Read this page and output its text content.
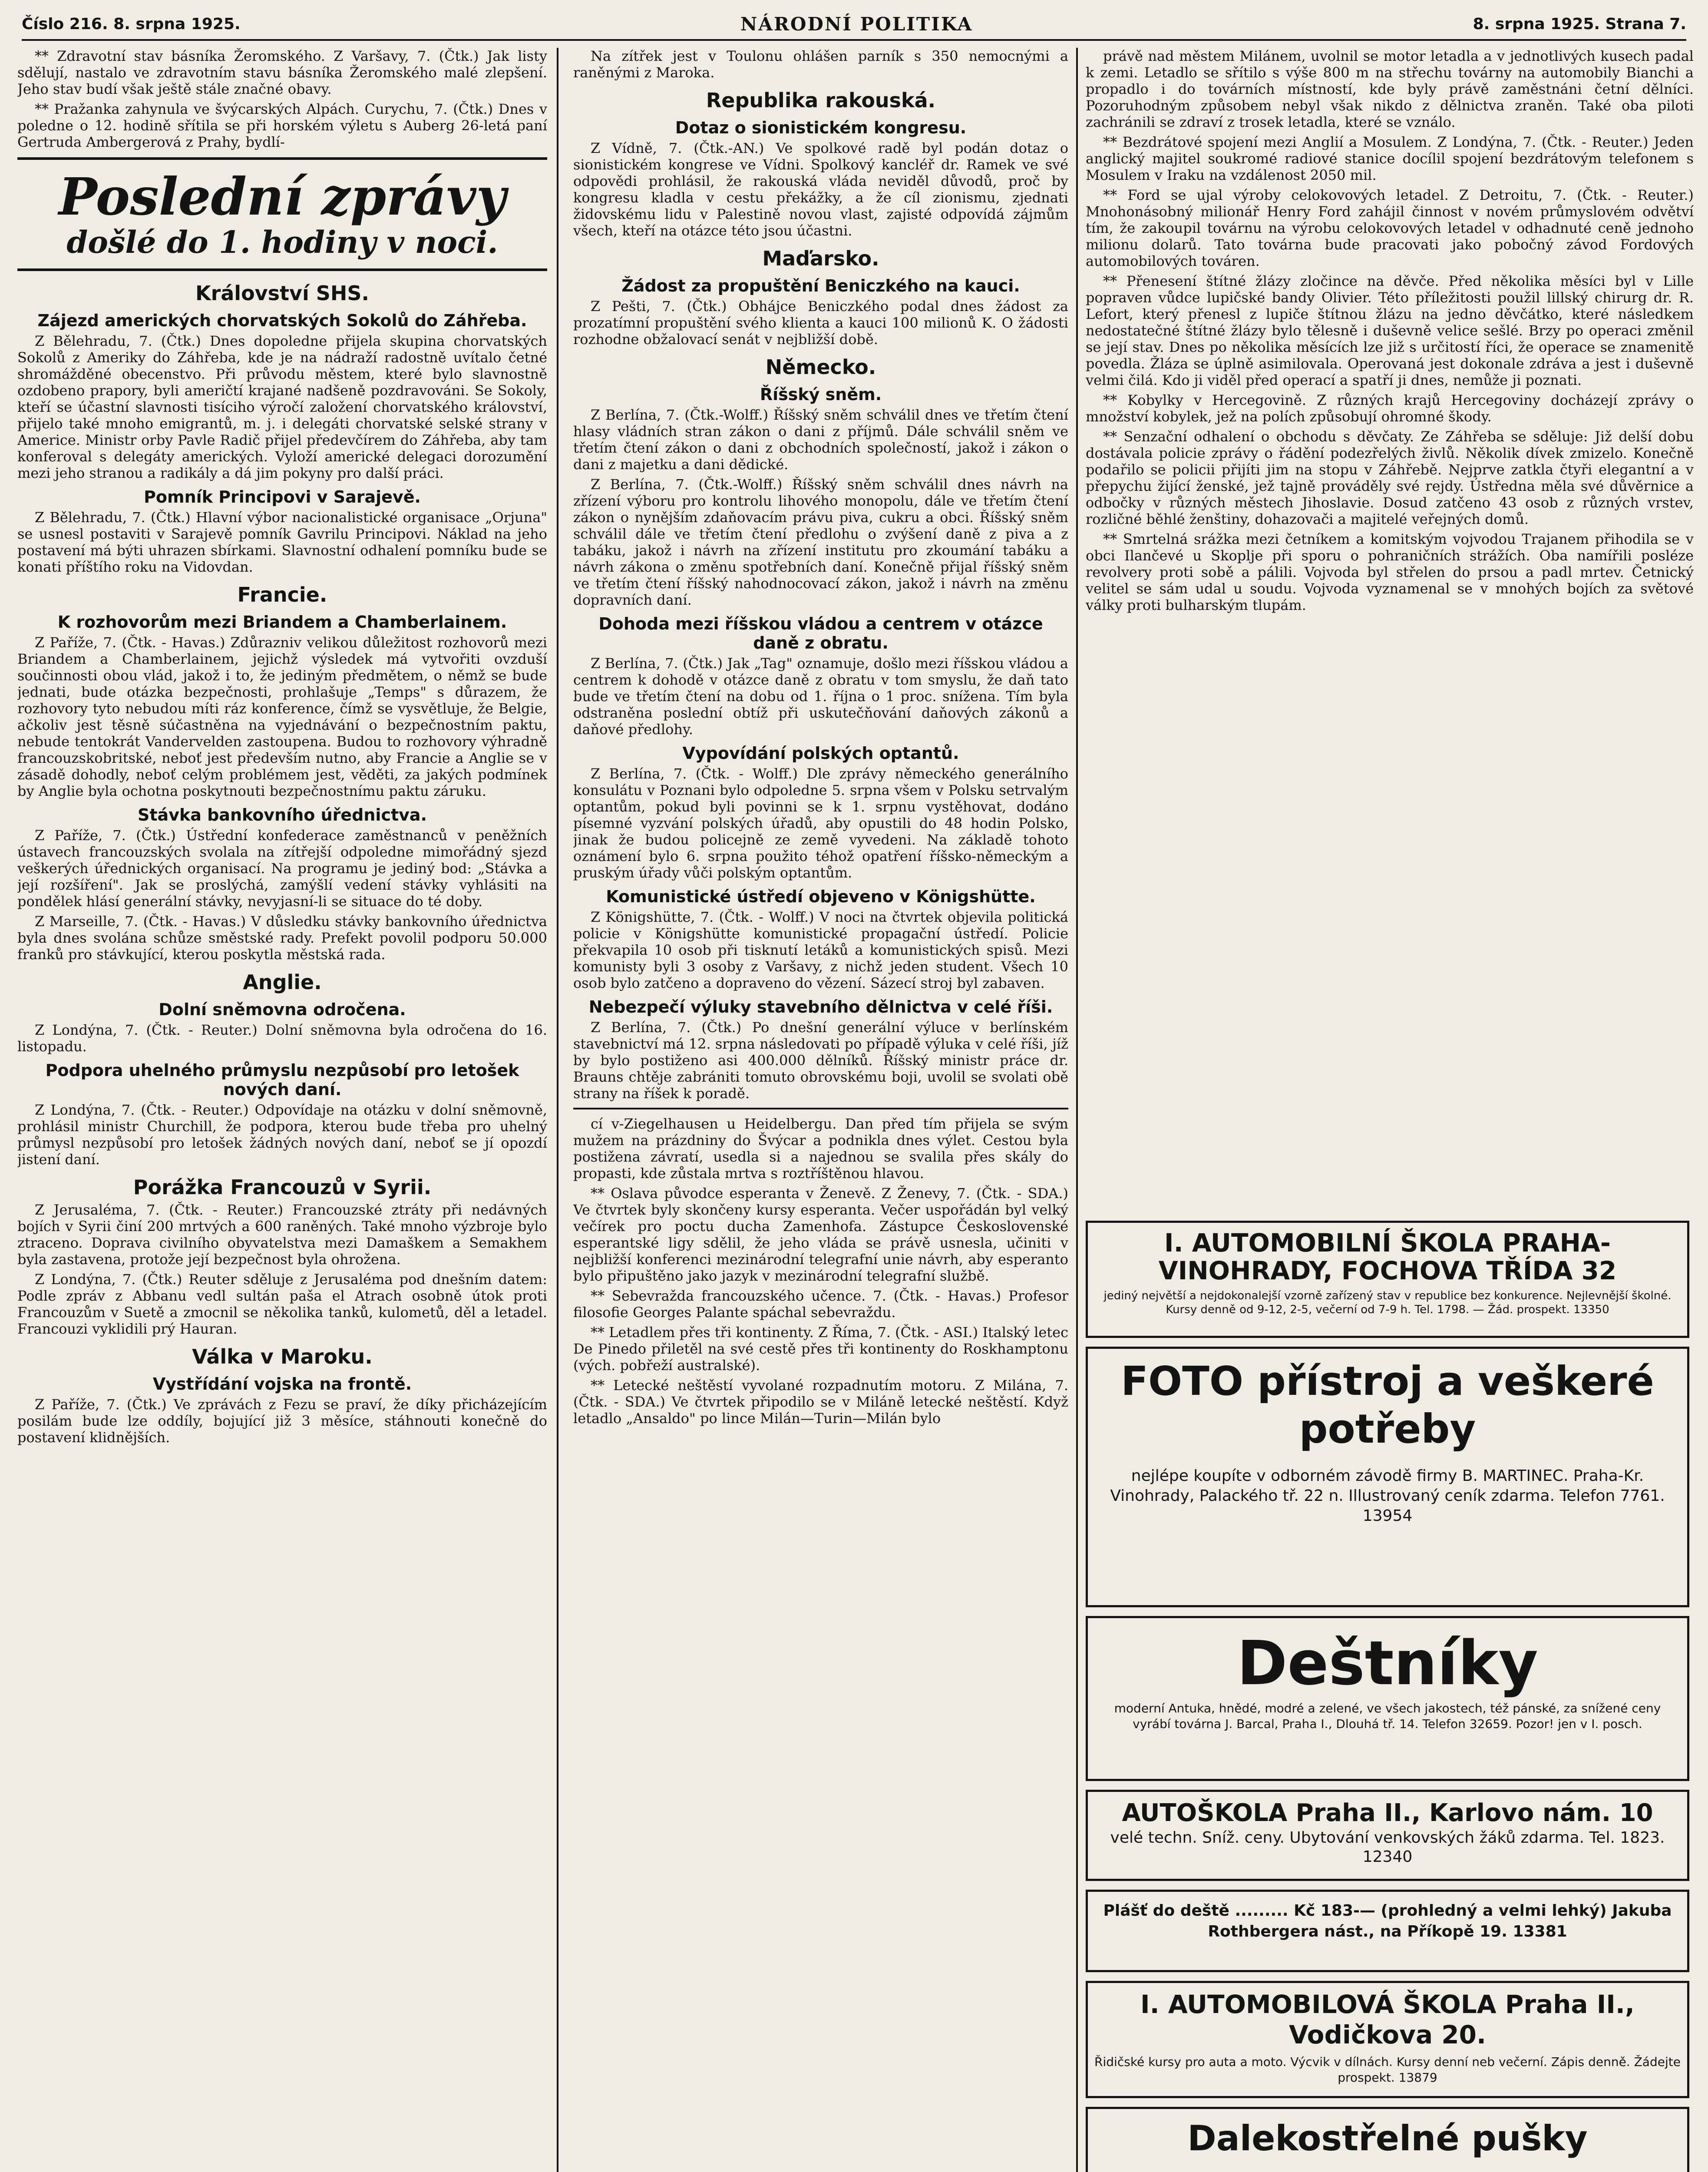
Číslo 216. 8. srpna 1925.	NÁRODNÍ POLITIKA	8. srpna 1925. Strana 7.

** Zdravotní stav básníka Žeromského. Z Varšavy, 7. (Čtk.) Jak listy sdělují, nastalo ve zdravotním stavu básníka Žeromského malé zlepšení. Jeho stav budí však ještě stále značné obavy.

** Pražanka zahynula ve švýcarských Alpách. Curychu, 7. (Čtk.) Dnes v poledne o 12. hodině sřítila se při horském výletu s Auberg 26-letá paní Gertruda Ambergerová z Prahy, bydlí-

Poslední zprávy
došlé do 1. hodiny v noci.
Království SHS.
Zájezd amerických chorvatských Sokolů do Záhřeba.

Z Bělehradu, 7. (Čtk.) Dnes dopoledne přijela skupina chorvatských Sokolů z Ameriky do Záhřeba, kde je na nádraží radostně uvítalo četné shromážděné obecenstvo. Při průvodu městem, které bylo slavnostně ozdobeno prapory, byli američtí krajané nadšeně pozdravováni. Se Sokoly, kteří se účastní slavnosti tisíciho výročí založení chorvatského království, přijelo také mnoho emigrantů, m. j. i delegáti chorvatské selské strany v Americe. Ministr orby Pavle Radič přijel předevčírem do Záhřeba, aby tam konferoval s delegáty amerických. Vyloží americké delegaci dorozumění mezi jeho stranou a radikály a dá jim pokyny pro další práci.

Pomník Principovi v Sarajevě.

Z Bělehradu, 7. (Čtk.) Hlavní výbor nacionalistické organisace „Orjuna" se usnesl postaviti v Sarajevě pomník Gavrilu Principovi. Náklad na jeho postavení má býti uhrazen sbírkami. Slavnostní odhalení pomníku bude se konati příštího roku na Vidovdan.

Francie.
K rozhovorům mezi Briandem a Chamberlainem.

Z Paříže, 7. (Čtk. - Havas.) Zdůrazniv velikou důležitost rozhovorů mezi Briandem a Chamberlainem, jejichž výsledek má vytvořiti ovzduší součinnosti obou vlád, jakož i to, že jediným předmětem, o němž se bude jednati, bude otázka bezpečnosti, prohlašuje „Temps" s důrazem, že rozhovory tyto nebudou míti ráz konference, čímž se vysvětluje, že Belgie, ačkoliv jest těsně súčastněna na vyjednávání o bezpečnostním paktu, nebude tentokrát Vandervelden zastoupena. Budou to rozhovory výhradně francouzskobritské, neboť jest především nutno, aby Francie a Anglie se v zásadě dohodly, neboť celým problémem jest, věděti, za jakých podmínek by Anglie byla ochotna poskytnouti bezpečnostnímu paktu záruku.

Stávka bankovního úřednictva.

Z Paříže, 7. (Čtk.) Ústřední konfederace zaměstnanců v peněžních ústavech francouzských svolala na zítřejší odpoledne mimořádný sjezd veškerých úřednických organisací. Na programu je jediný bod: „Stávka a její rozšíření". Jak se proslýchá, zamýšlí vedení stávky vyhlásiti na pondělek hlásí generální stávky, nevyjasní-li se situace do té doby.

Z Marseille, 7. (Čtk. - Havas.) V důsledku stávky bankovního úřednictva byla dnes svolána schůze směstské rady. Prefekt povolil podporu 50.000 franků pro stávkující, kterou poskytla městská rada.

Anglie.
Dolní sněmovna odročena.

Z Londýna, 7. (Čtk. - Reuter.) Dolní sněmovna byla odročena do 16. listopadu.

Podpora uhelného průmyslu nezpůsobí pro letošek nových daní.

Z Londýna, 7. (Čtk. - Reuter.) Odpovídaje na otázku v dolní sněmovně, prohlásil ministr Churchill, že podpora, kterou bude třeba pro uhelný průmysl nezpůsobí pro letošek žádných nových daní, neboť se jí opozdí jistení daní.

Porážka Francouzů v Syrii.

Z Jerusaléma, 7. (Čtk. - Reuter.) Francouzské ztráty při nedávných bojích v Syrii činí 200 mrtvých a 600 raněných. Také mnoho výzbroje bylo ztraceno. Doprava civilního obyvatelstva mezi Damaškem a Semakhem byla zastavena, protože její bezpečnost byla ohrožena.

Z Londýna, 7. (Čtk.) Reuter sděluje z Jerusaléma pod dnešním datem: Podle zpráv z Abbanu vedl sultán paša el Atrach osobně útok proti Francouzům v Suetě a zmocnil se několika tanků, kulometů, děl a letadel. Francouzi vyklidili prý Hauran.

Válka v Maroku.
Vystřídání vojska na frontě.

Z Paříže, 7. (Čtk.) Ve zprávách z Fezu se praví, že díky přicházejícím posilám bude lze oddíly, bojující již 3 měsíce, stáhnouti konečně do postavení klidnějších.

Na zítřek jest v Toulonu ohlášen parník s 350 nemocnými a raněnými z Maroka.

Republika rakouská.
Dotaz o sionistickém kongresu.

Z Vídně, 7. (Čtk.-AN.) Ve spolkové radě byl podán dotaz o sionistickém kongrese ve Vídni. Spolkový kancléř dr. Ramek ve své odpovědi prohlásil, že rakouská vláda neviděl důvodů, proč by kongresu kladla v cestu překážky, a že cíl zionismu, zjednati židovskému lidu v Palestině novou vlast, zajisté odpovídá zájmům všech, kteří na otázce této jsou účastni.

Maďarsko.
Žádost za propuštění Beniczkého na kauci.

Z Pešti, 7. (Čtk.) Obhájce Beniczkého podal dnes žádost za prozatímní propuštění svého klienta a kauci 100 milionů K. O žádosti rozhodne obžalovací senát v nejbližší době.

Německo.
Říšský sněm.

Z Berlína, 7. (Čtk.-Wolff.) Říšský sněm schválil dnes ve třetím čtení hlasy vládních stran zákon o dani z příjmů. Dále schválil sněm ve třetím čtení zákon o dani z obchodních společností, jakož i zákon o dani z majetku a dani dědické.

Z Berlína, 7. (Čtk.-Wolff.) Říšský sněm schválil dnes návrh na zřízení výboru pro kontrolu lihového monopolu, dále ve třetím čtení zákon o nynějším zdaňovacím právu piva, cukru a obci. Říšský sněm schválil dále ve třetím čtení předlohu o zvýšení daně z piva a z tabáku, jakož i návrh na zřízení institutu pro zkoumání tabáku a návrh zákona o změnu spotřebních daní. Konečně přijal říšský sněm ve třetím čtení říšský nahodnocovací zákon, jakož i návrh na změnu dopravních daní.

Dohoda mezi říšskou vládou a centrem v otázce daně z obratu.

Z Berlína, 7. (Čtk.) Jak „Tag" oznamuje, došlo mezi říšskou vládou a centrem k dohodě v otázce daně z obratu v tom smyslu, že daň tato bude ve třetím čtení na dobu od 1. října o 1 proc. snížena. Tím byla odstraněna poslední obtíž při uskutečňování daňových zákonů a daňové předlohy.

Vypovídání polských optantů.

Z Berlína, 7. (Čtk. - Wolff.) Dle zprávy německého generálního konsulátu v Poznani bylo odpoledne 5. srpna všem v Polsku setrvalým optantům, pokud byli povinni se k 1. srpnu vystěhovat, dodáno písemné vyzvání polských úřadů, aby opustili do 48 hodin Polsko, jinak že budou policejně ze země vyvedeni. Na základě tohoto oznámení bylo 6. srpna použito téhož opatření říšsko-německým a pruským úřady vůči polským optantům.

Komunistické ústředí objeveno v Königshütte.

Z Königshütte, 7. (Čtk. - Wolff.) V noci na čtvrtek objevila politická policie v Königshütte komunistické propagační ústředí. Policie překvapila 10 osob při tisknutí letáků a komunistických spisů. Mezi komunisty byli 3 osoby z Varšavy, z nichž jeden student. Všech 10 osob bylo zatčeno a dopraveno do vězení. Sázecí stroj byl zabaven.

Nebezpečí výluky stavebního dělnictva v celé říši.

Z Berlína, 7. (Čtk.) Po dnešní generální výluce v berlínském stavebnictví má 12. srpna následovati po případě výluka v celé říši, jíž by bylo postiženo asi 400.000 dělníků. Říšský ministr práce dr. Brauns chtěje zabrániti tomuto obrovskému boji, uvolil se svolati obě strany na říšek k poradě.

cí v-Ziegelhausen u Heidelbergu. Dan před tím přijela se svým mužem na prázdniny do Švýcar a podnikla dnes výlet. Cestou byla postižena závratí, usedla si a najednou se svalila přes skály do propasti, kde zůstala mrtva s roztříštěnou hlavou.

** Oslava původce esperanta v Ženevě. Z Ženevy, 7. (Čtk. - SDA.) Ve čtvrtek byly skončeny kursy esperanta. Večer uspořádán byl velký večírek pro poctu ducha Zamenhofa. Zástupce Československé esperantské ligy sdělil, že jeho vláda se právě usnesla, učiniti v nejbližší konferenci mezinárodní telegrafní unie návrh, aby esperanto bylo připuštěno jako jazyk v mezinárodní telegrafní službě.

** Sebevražda francouzského učence. 7. (Čtk. - Havas.) Profesor filosofie Georges Palante spáchal sebevraždu.

** Letadlem přes tři kontinenty. Z Říma, 7. (Čtk. - ASI.) Italský letec De Pinedo přiletěl na své cestě přes tři kontinenty do Roskhamptonu (vých. pobřeží australské).

** Letecké neštěstí vyvolané rozpadnutím motoru. Z Milána, 7. (Čtk. - SDA.) Ve čtvrtek připodilo se v Miláně letecké neštěstí. Když letadlo „Ansaldo" po lince Milán—Turin—Milán bylo

právě nad městem Milánem, uvolnil se motor letadla a v jednotlivých kusech padal k zemi. Letadlo se sřítilo s výše 800 m na střechu továrny na automobily Bianchi a propadlo i do továrních místností, kde byly právě zaměstnáni četní dělníci. Pozoruhodným způsobem nebyl však nikdo z dělnictva zraněn. Také oba piloti zachránili se zdraví z trosek letadla, které se vználo.

** Bezdrátové spojení mezi Anglií a Mosulem. Z Londýna, 7. (Čtk. - Reuter.) Jeden anglický majitel soukromé radiové stanice docílil spojení bezdrátovým telefonem s Mosulem v Iraku na vzdálenost 2050 mil.

** Ford se ujal výroby celokovových letadel. Z Detroitu, 7. (Čtk. - Reuter.) Mnohonásobný milionář Henry Ford zahájil činnost v novém průmyslovém odvětví tím, že zakoupil továrnu na výrobu celokovových letadel v odhadnuté ceně jednoho milionu dolarů. Tato továrna bude pracovati jako pobočný závod Fordových automobilových továren.

** Přenesení štítné žlázy zločince na děvče. Před několika měsíci byl v Lille popraven vůdce lupičské bandy Olivier. Této příležitosti použil lillský chirurg dr. R. Lefort, který přenesl z lupiče štítnou žlázu na jedno děvčátko, které následkem nedostatečné štítné žlázy bylo tělesně i duševně velice sešlé. Brzy po operaci změnil se její stav. Dnes po několika měsících lze již s určitostí říci, že operace se znamenitě povedla. Žláza se úplně asimilovala. Operovaná jest dokonale zdráva a jest i duševně velmi čilá. Kdo ji viděl před operací a spatří ji dnes, nemůže ji poznati.

** Kobylky v Hercegovině. Z různých krajů Hercegoviny docházejí zprávy o množství kobylek, jež na polích způsobují ohromné škody.

** Senzační odhalení o obchodu s děvčaty. Ze Záhřeba se sděluje: Již delší dobu dostávala policie zprávy o řádění podezřelých živlů. Několik dívek zmizelo. Konečně podařilo se policii přijíti jim na stopu v Záhřebě. Nejprve zatkla čtyři elegantní a v přepychu žijící ženské, jež tajně prováděly své rejdy. Ústředna měla své důvěrnice a odbočky v různých městech Jihoslavie. Dosud zatčeno 43 osob z různých vrstev, rozličné běhlé ženštiny, dohazovači a majitelé veřejných domů.

** Smrtelná srážka mezi četníkem a komitským vojvodou Trajanem přihodila se v obci Ilančevé u Skoplje při sporu o pohraničních strážích. Oba namířili posléze revolvery proti sobě a pálili. Vojvoda byl střelen do prsou a padl mrtev. Četnický velitel se sám udal u soudu. Vojvoda vyznamenal se v mnohých bojích za světové války proti bulharským tlupám.

I. AUTOMOBILNÍ ŠKOLA PRAHA-VINOHRADY, FOCHOVA TŘÍDA 32
jediný největší a nejdokonalejší vzorně zařízený stav v republice bez konkurence. Nejlevnější školné. Kursy denně od 9-12, 2-5, večerní od 7-9 h. Tel. 1798. — Žád. prospekt. 13350
FOTO přístroj a veškeré potřeby
nejlépe koupíte v odborném závodě firmy B. MARTINEC. Praha-Kr. Vinohrady, Palackého tř. 22 n. Illustrovaný ceník zdarma. Telefon 7761. 13954
Deštníky
moderní Antuka, hnědé, modré a zelené, ve všech jakostech, též pánské, za snížené ceny vyrábí továrna J. Barcal, Praha I., Dlouhá tř. 14. Telefon 32659. Pozor! jen v I. posch.
AUTOŠKOLA Praha II., Karlovo nám. 10
velé techn. Sníž. ceny. Ubytování venkovských žáků zdarma. Tel. 1823. 12340
Plášť do deště ......... Kč 183-— (prohledný a velmi lehký) Jakuba Rothbergera nást., na Příkopě 19. 13381
I. AUTOMOBILOVÁ ŠKOLA Praha II., Vodičkova 20.
Řidičské kursy pro auta a moto. Výcvik v dílnách. Kursy denní neb večerní. Zápis denně. Žádejte prospekt. 13879
Dalekostřelné pušky
